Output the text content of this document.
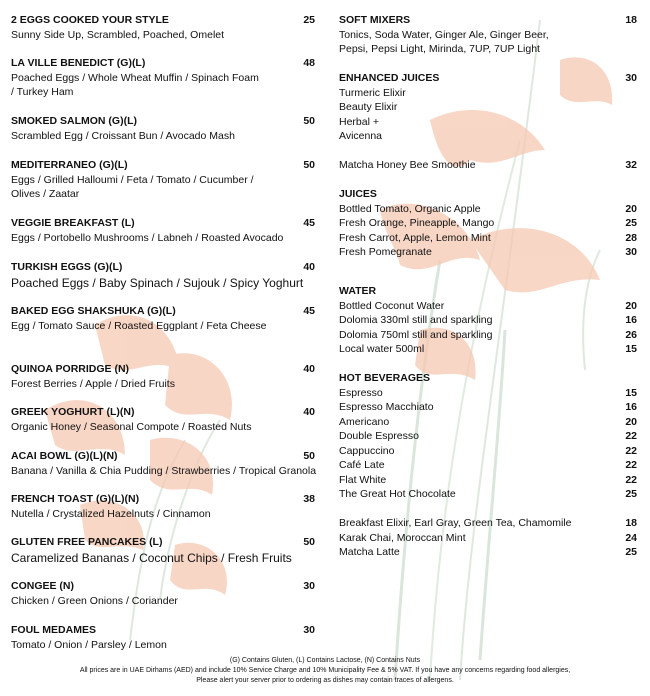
2 EGGS COOKED YOUR STYLE	25
Sunny Side Up, Scrambled, Poached, Omelet
LA VILLE BENEDICT (G)(L)	48
Poached Eggs / Whole Wheat Muffin / Spinach Foam
/ Turkey Ham
SMOKED SALMON (G)(L)	50
Scrambled Egg / Croissant Bun / Avocado Mash
MEDITERRANEO (G)(L)	50
Eggs / Grilled Halloumi / Feta / Tomato / Cucumber /
Olives / Zaatar
VEGGIE BREAKFAST (L)	45
Eggs / Portobello Mushrooms / Labneh / Roasted Avocado
TURKISH EGGS (G)(L)	40
Poached Eggs / Baby Spinach / Sujouk / Spicy Yoghurt
BAKED EGG SHAKSHUKA (G)(L)	45
Egg / Tomato Sauce / Roasted Eggplant / Feta Cheese
QUINOA PORRIDGE (N)	40
Forest Berries / Apple / Dried Fruits
GREEK YOGHURT (L)(N)	40
Organic Honey / Seasonal Compote / Roasted Nuts
ACAI BOWL (G)(L)(N)	50
Banana / Vanilla & Chia Pudding / Strawberries / Tropical Granola
FRENCH TOAST (G)(L)(N)	38
Nutella / Crystalized Hazelnuts / Cinnamon
GLUTEN FREE PANCAKES (L)	50
Caramelized Bananas / Coconut Chips / Fresh Fruits
CONGEE (N)	30
Chicken / Green Onions / Coriander
FOUL MEDAMES	30
Tomato / Onion / Parsley / Lemon
SOFT MIXERS	18
Tonics, Soda Water, Ginger Ale, Ginger Beer,
Pepsi, Pepsi Light, Mirinda, 7UP, 7UP Light
ENHANCED JUICES	30
Turmeric Elixir
Beauty Elixir
Herbal +
Avicenna
Matcha Honey Bee Smoothie	32
JUICES
Bottled Tomato, Organic Apple	20
Fresh Orange, Pineapple, Mango	25
Fresh Carrot, Apple, Lemon Mint	28
Fresh Pomegranate	30
WATER
Bottled Coconut Water	20
Dolomia 330ml still and sparkling	16
Dolomia 750ml still and sparkling	26
Local water 500ml	15
HOT BEVERAGES
Espresso	15
Espresso Macchiato	16
Americano	20
Double Espresso	22
Cappuccino	22
Café Late	22
Flat White	22
The Great Hot Chocolate	25
Breakfast Elixir, Earl Gray, Green Tea, Chamomile	18
Karak Chai, Moroccan Mint	24
Matcha Latte	25
(G) Contains Gluten, (L) Contains Lactose, (N) Contains Nuts
All prices are in UAE Dirhams (AED) and include 10% Service Charge and 10% Municipality Fee & 5% VAT. If you have any concerns regarding food allergies,
Please alert your server prior to ordering as dishes may contain traces of allergens.
